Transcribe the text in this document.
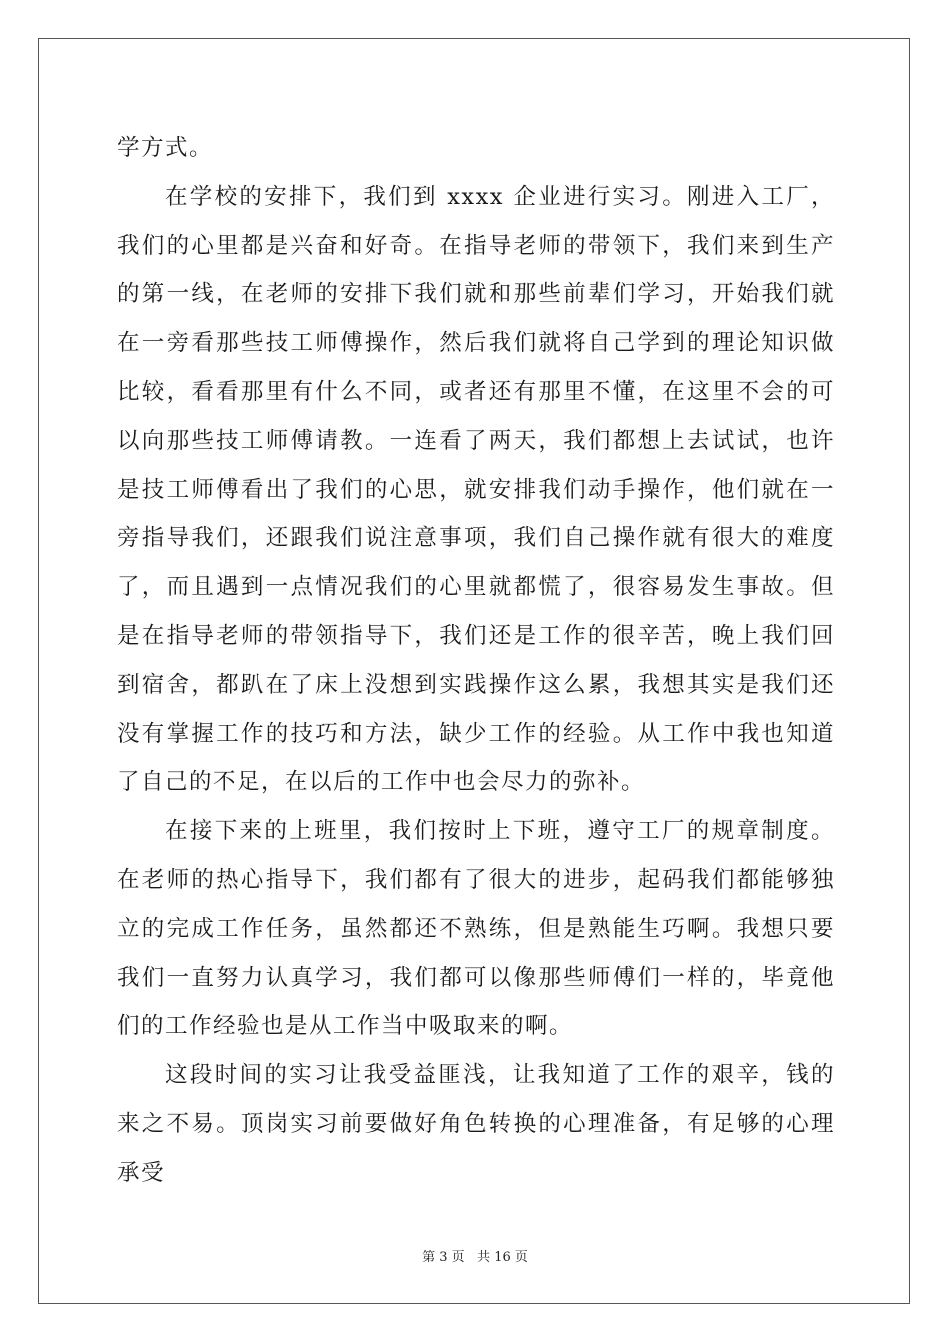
学方式。

在学校的安排下，我们到 xxxx 企业进行实习。刚进入工厂，我们的心里都是兴奋和好奇。在指导老师的带领下，我们来到生产的第一线，在老师的安排下我们就和那些前辈们学习，开始我们就在一旁看那些技工师傅操作，然后我们就将自己学到的理论知识做比较，看看那里有什么不同，或者还有那里不懂，在这里不会的可以向那些技工师傅请教。一连看了两天，我们都想上去试试，也许是技工师傅看出了我们的心思，就安排我们动手操作，他们就在一旁指导我们，还跟我们说注意事项，我们自己操作就有很大的难度了，而且遇到一点情况我们的心里就都慌了，很容易发生事故。但是在指导老师的带领指导下，我们还是工作的很辛苦，晚上我们回到宿舍，都趴在了床上没想到实践操作这么累，我想其实是我们还没有掌握工作的技巧和方法，缺少工作的经验。从工作中我也知道了自己的不足，在以后的工作中也会尽力的弥补。

在接下来的上班里，我们按时上下班，遵守工厂的规章制度。在老师的热心指导下，我们都有了很大的进步，起码我们都能够独立的完成工作任务，虽然都还不熟练，但是熟能生巧啊。我想只要我们一直努力认真学习，我们都可以像那些师傅们一样的，毕竟他们的工作经验也是从工作当中吸取来的啊。

这段时间的实习让我受益匪浅，让我知道了工作的艰辛，钱的来之不易。顶岗实习前要做好角色转换的心理准备，有足够的心理承受

第 3 页   共 16 页
